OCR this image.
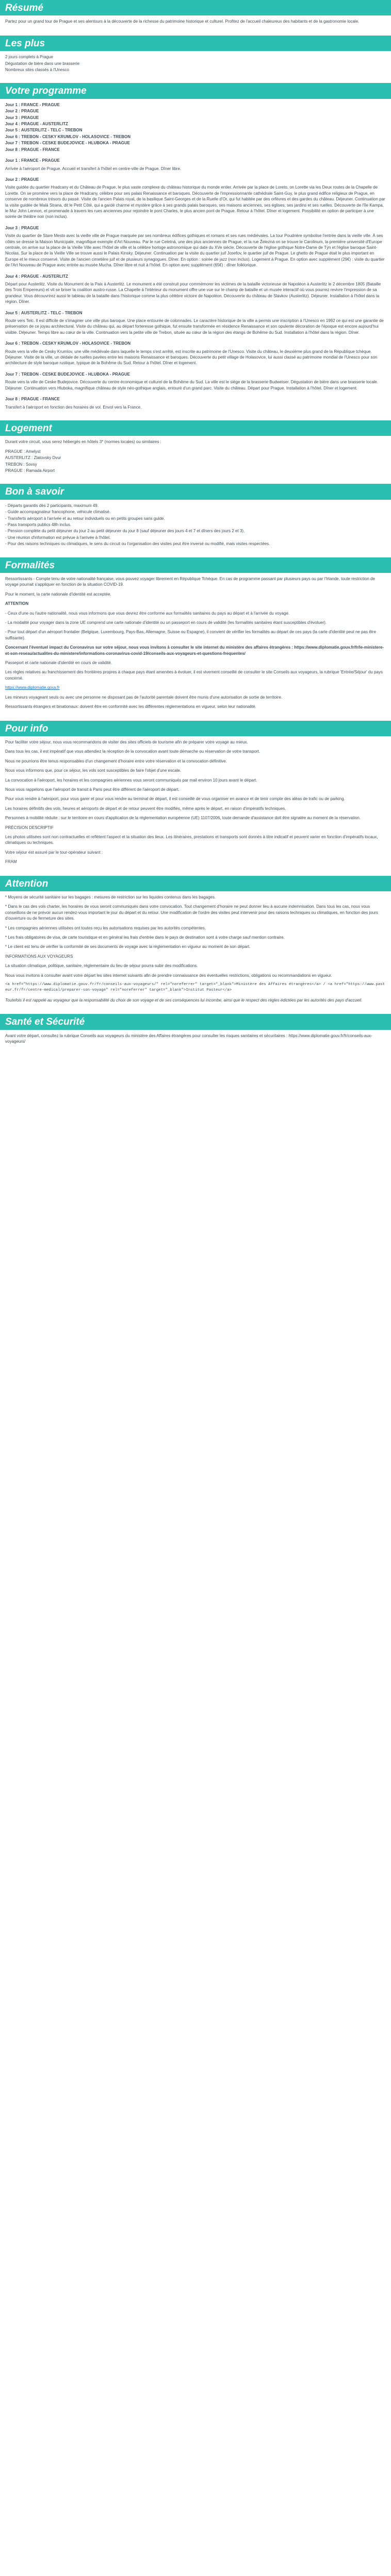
Résumé

Partez pour un grand tour de Prague et ses alentours à la découverte de la richesse du patrimoine historique et culturel. Profitez de l'accueil chaleureux des habitants et de la gastronomie locale.

Les plus
2 jours complets à Prague
Dégustation de bière dans une brasserie
Nombreux sites classés à l'Unesco
Votre programme
Jour 1 : FRANCE - PRAGUE
Jour 2 : PRAGUE
Jour 3 : PRAGUE
Jour 4 : PRAGUE - AUSTERLITZ
Jour 5 : AUSTERLITZ - TELC - TREBON
Jour 6 : TREBON - CESKY KRUMLOV - HOLASOVICE - TREBON
Jour 7 : TREBON - CESKE BUDEJOVICE - HLUBOKA - PRAGUE
Jour 8 : PRAGUE - FRANCE
Jour 1 : FRANCE - PRAGUE

Arrivée à l'aéroport de Prague. Accueil et transfert à l'hôtel en centre-ville de Prague. Dîner libre.

Jour 2 : PRAGUE

Visite guidée du quartier Hradcany et du Château de Prague, le plus vaste complexe du château historique du monde entier. Arrivée par la place de Loreto, on Lorette via les Deux routes de la Chapelle de Lorette. On se promène vers la place de Hradcany, célèbre pour ses palais Renaissance et baroques. Découverte de l'impressionnante cathédrale Saint-Guy, le plus grand édifice religieux de Prague, en conserve de nombreux trésors du passé. Visite de l'ancien Palais royal, de la basilique Saint-Georges et de la Ruelle d'Or, qui fut habitée par des orfèvres et des gardes du château. Déjeuner. Continuation par la visite guidée de Malá Strana, dit le Petit Côté, qui a gardé charme et mystère grâce à ses grands palais baroques, ses maisons anciennes, ses églises, ses jardins et ses ruelles. Découverte de l'île Kampa, le Mur John Lennon, et promenade à travers les rues anciennes pour rejoindre le pont Charles, le plus ancien pont de Prague. Retour à l'hôtel. Dîner et logement. Possibilité en option de participer à une soirée de théâtre noir (non inclus).

Jour 3 : PRAGUE

Visite du quartier de Stare Mesto avec la vieille ville de Prague marquée par ses nombreux édifices gothiques et romans et ses rues médiévales. La tour Poudrière symbolise l'entrée dans la vieille ville. À ses côtés se dresse la Maison Municipale, magnifique exemple d'Art Nouveau. Par le rue Celetná, une des plus anciennes de Prague, et la rue Železná on se trouve le Carolinum, la première université d'Europe centrale, on arrive sur la place de la Vieille Ville avec l'hôtel de ville et la célèbre horloge astronomique qui date du XVe siècle. Découverte de l'église gothique Notre-Dame de Týn et l'église baroque Saint-Nicolas. Sur la place de la Vieille Ville se trouve aussi le Palais Kinsky. Déjeuner. Continuation par la visite du quartier juif Josefov, le quartier juif de Prague. Le ghetto de Prague était le plus important en Europe et le mieux conservé. Visite de l'ancien cimetière juif et de plusieurs synagogues. Dîner. En option : soirée de jazz (non inclus). Logement à Prague. En option avec supplément (29€) : visite du quartier de l'Art Nouveau de Prague avec entrée au musée Mucha. Dîner libre et nuit à l'hôtel. En option avec supplément (65€) : dîner folklorique.

Jour 4 : PRAGUE - AUSTERLITZ

Départ pour Austerlitz. Visite du Monument de la Paix à Austerlitz. Le monument a été construit pour commémorer les victimes de la bataille victorieuse de Napoléon à Austerlitz le 2 décembre 1805 (Bataille des Trois Empereurs) et vit se briser la coalition austro-russe. La Chapelle à l'intérieur du monument offre une vue sur le champ de bataille et un musée interactif où vous pourrez revivre l'impression de sa grandeur. Vous découvrirez aussi le tableau de la bataille dans l'historique comme la plus célèbre victoire de Napoléon. Découverte du château de Slavkov (Austerlitz). Déjeuner. Installation à l'hôtel dans la région. Dîner.

Jour 5 : AUSTERLITZ - TELC - TREBON

Route vers Telc. Il est difficile de s'imaginer une ville plus baroque. Une place entourée de colonnades. Le caractère historique de la ville a permis une inscription à l'Unesco en 1992 ce qui est une garantie de préservation de ce joyau architectural. Visite du château qui, au départ forteresse gothique, fut ensuite transformée en résidence Renaissance et son opulente décoration de l'époque est encore aujourd'hui visible. Déjeuner. Temps libre au cœur de la ville. Continuation vers la petite ville de Trebon, située au cœur de la région des étangs de Bohême du Sud. Installation à l'hôtel dans la région. Dîner.

Jour 6 : TREBON - CESKY KRUMLOV - HOLASOVICE - TREBON

Route vers la ville de Cesky Krumlov, une ville médiévale dans laquelle le temps s'est arrêté, est inscrite au patrimoine de l'Unesco. Visite du château, le deuxième plus grand de la République tchèque. Déjeuner. Visite de la ville, un dédale de ruelles pavées entre les maisons Renaissance et baroques. Découverte du petit village de Holasovice, lui aussi classé au patrimoine mondial de l'Unesco pour son architecture de style baroque rustique, typique de la Bohême du Sud. Retour à l'hôtel. Dîner et logement.

Jour 7 : TREBON - CESKE BUDEJOVICE - HLUBOKA - PRAGUE

Route vers la ville de Ceske Budejovice. Découverte du centre économique et culturel de la Bohême du Sud. La ville est le siège de la brasserie Budweiser. Dégustation de bière dans une brasserie locale. Déjeuner. Continuation vers Hluboka, magnifique château de style néo-gothique anglais, entouré d'un grand parc. Visite du château. Départ pour Prague. Installation à l'hôtel. Dîner et logement.

Jour 8 : PRAGUE - FRANCE

Transfert à l'aéroport en fonction des horaires de vol. Envol vers la France.

Logement

Durant votre circuit, vous serez hébergés en hôtels 3* (normes locales) ou similaires :

PRAGUE : Amelyst
AUSTERLITZ : Zlatovsky Dvur
TREBON : Sovsy
PRAGUE : Ramada Airport
Bon à savoir
- Départs garantis dès 2 participants, maximum 49.
- Guide accompagnateur francophone, véhicule climatisé.
- Transferts aéroport à l'arrivée et au retour individuels ou en petits groupes sans guide.
- Pass transports publics 48h inclus.
- Pension complète du petit déjeuner du jour 2 au petit déjeuner du jour 8 (sauf déjeuner des jours 4 et 7 et dîners des jours 2 et 3).
- Une réunion d'information est prévue à l'arrivée à l'hôtel.
- Pour des raisons techniques ou climatiques, le sens du circuit ou l'organisation des visites peut être inversé ou modifié, mais visites respectées.
Formalités

Ressortissants - Compte tenu de votre nationalité française, vous pouvez voyager librement en République Tchèque. En cas de programme passant par plusieurs pays ou par l'Irlande, toute restriction de voyage pourrait s'appliquer en fonction de la situation COVID-19.

Pour le moment, la carte nationale d'identité est acceptée.

ATTENTION

- Ceux d'une ou l'autre nationalité, nous vous informons que vous devrez être conforme aux formalités sanitaires du pays au départ et à l'arrivée du voyage.

- La modalité pour voyager dans la zone UE comprend une carte nationale d'identité ou un passeport en cours de validité (les formalités sanitaires étant susceptibles d'évoluer).

- Pour tout départ d'un aéroport frontalier (Belgique, Luxembourg, Pays-Bas, Allemagne, Suisse ou Espagne), il convient de vérifier les formalités au départ de ces pays (la carte d'identité peut ne pas être suffisante).

Concernant l'éventuel impact du Coronavirus sur votre séjour, nous vous invitons à consulter le site internet du ministère des affaires étrangères : https://www.diplomatie.gouv.fr/fr/le-ministere-et-son-reseau/actualites-du-ministere/informations-coronavirus-covid-19/conseils-aux-voyageurs-et-questions-frequentes/

Passeport et carte nationale d'identité en cours de validité.

Les règles relatives au franchissement des frontières propres à chaque pays étant amenées à évoluer, il est vivement conseillé de consulter le site Conseils aux voyageurs, la rubrique 'Entrée/Séjour' du pays concerné.

https://www.diplomatie.gouv.fr

Les mineurs voyageant seuls ou avec une personne ne disposant pas de l'autorité parentale doivent être munis d'une autorisation de sortie de territoire.

Ressortissants étrangers et binationaux: doivent être en conformité avec les différentes réglementations en vigueur, selon leur nationalité.

Pour info

Pour faciliter votre séjour, nous vous recommandons de visiter des sites officiels de tourisme afin de préparer votre voyage au mieux.

Dans tous les cas, il est impératif que vous attendiez la réception de la convocation avant toute démarche ou réservation de votre transport.

Nous ne pourrions être tenus responsables d'un changement d'horaire entre votre réservation et la convocation définitive.

Nous vous informons que, pour ce séjour, les vols sont susceptibles de faire l'objet d'une escale.

La convocation à l'aéroport, les horaires et les compagnies aériennes vous seront communiqués par mail environ 10 jours avant le départ.

Nous vous rappelons que l'aéroport de transit à Paris peut être différent de l'aéroport de départ.

Pour vous rendre à l'aéroport, pour vous garer et pour vous rendre au terminal de départ, il est conseillé de vous organiser en avance et de tenir compte des aléas de trafic ou de parking.

Les horaires définitifs des vols, heures et aéroports de départ et de retour peuvent être modifiés, même après le départ, en raison d'impératifs techniques.

Personnes à mobilité réduite : sur le territoire en cours d'application de la réglementation européenne (UE) 1107/2006, toute demande d'assistance doit être signalée au moment de la réservation.

PRÉCISION DESCRIPTIF

Les photos utilisées sont non contractuelles et reflètent l'aspect et la situation des lieux. Les itinéraires, prestations et transports sont donnés à titre indicatif et peuvent varier en fonction d'impératifs locaux, climatiques ou techniques.

Votre séjour est assuré par le tour-opérateur suivant :

FRAM

Attention

* Moyens de sécurité sanitaire sur les bagages : mesures de restriction sur les liquides contenus dans les bagages.

* Dans le cas des vols charter, les horaires de vous seront communiqués dans votre convocation. Tout changement d'horaire ne peut donner lieu à aucune indemnisation. Dans tous les cas, nous vous conseillons de ne prévoir aucun rendez-vous important le jour du départ et du retour. Une modification de l'ordre des visites peut intervenir pour des raisons techniques ou climatiques, en fonction des jours d'ouverture ou de fermeture des sites.

* Les compagnies aériennes utilisées ont toutes reçu les autorisations requises par les autorités compétentes.

* Les frais obligatoires de visa, de carte touristique et en général les frais d'entrée dans le pays de destination sont à votre charge sauf mention contraire.

* Le client est tenu de vérifier la conformité de ses documents de voyage avec la réglementation en vigueur au moment de son départ.

INFORMATIONS AUX VOYAGEURS

La situation climatique, politique, sanitaire, réglementaire du lieu de séjour pourra subir des modifications.

Nous vous invitons à consulter avant votre départ les sites internet suivants afin de prendre connaissance des éventuelles restrictions, obligations ou recommandations en vigueur.

<a href="https://www.diplomatie.gouv.fr/fr/conseils-aux-voyageurs/" rel="noreferrer" target="_blank">Ministère des Affaires étrangères</a> / <a href="https://www.pasteur.fr/fr/centre-medical/preparer-son-voyage" rel="noreferrer" target="_blank">Institut Pasteur</a>

Toutefois il est rappelé au voyageur que la responsabilité du choix de son voyage et de ses conséquences lui incombe, ainsi que le respect des règles édictées par les autorités des pays d'accueil.

Santé et Sécurité

Avant votre départ, consultez la rubrique Conseils aux voyageurs du ministère des Affaires étrangères pour consulter les risques sanitaires et sécuritaires : https://www.diplomatie.gouv.fr/fr/conseils-aux-voyageurs/
